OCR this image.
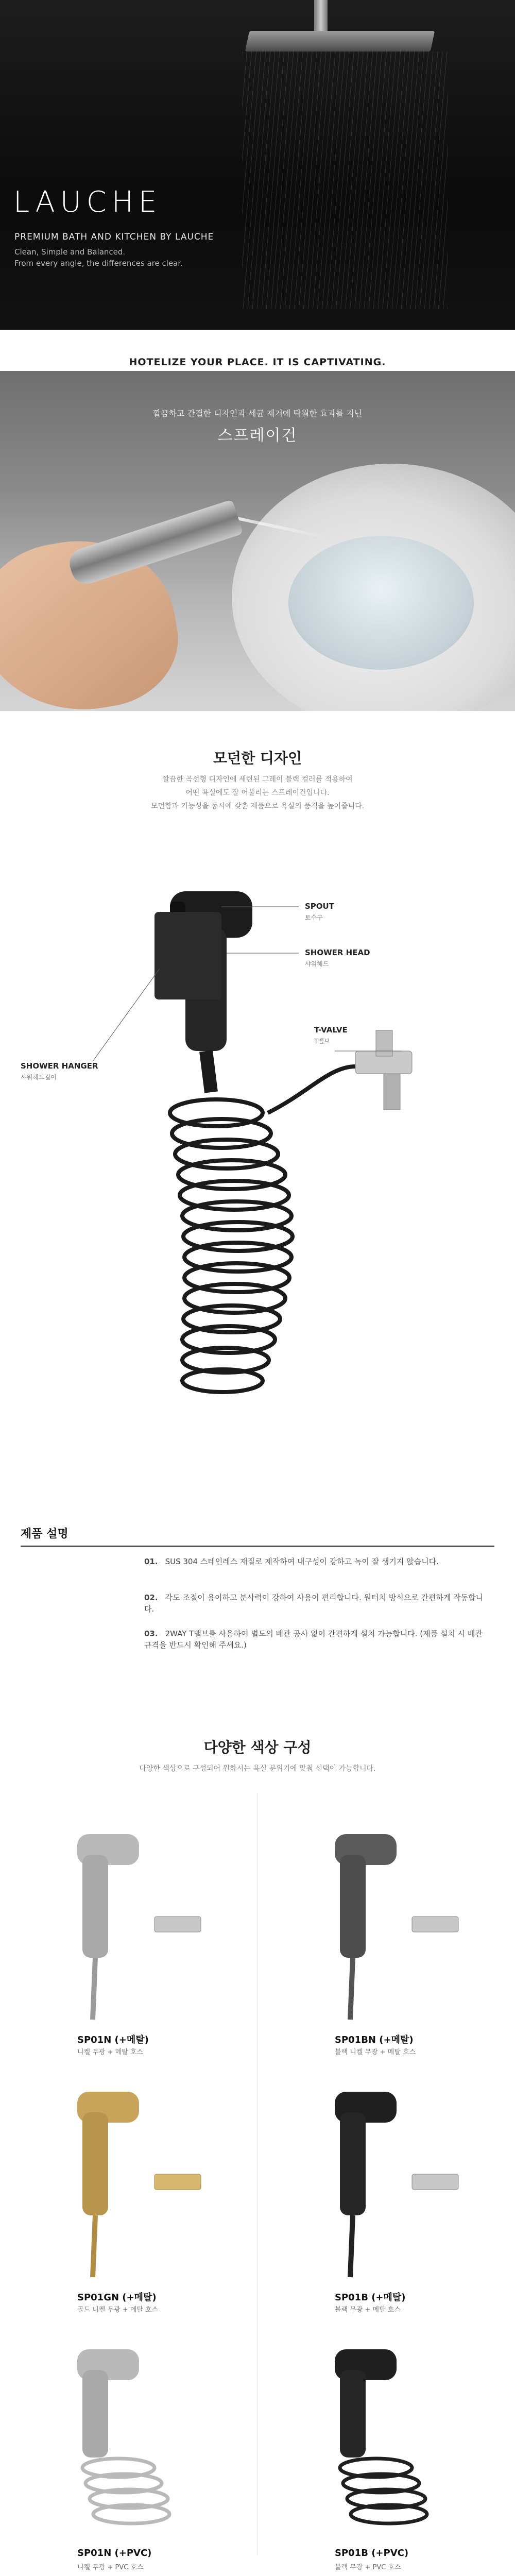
LAUCHE
PREMIUM BATH AND KITCHEN BY LAUCHE
Clean, Simple and Balanced.
From every angle, the differences are clear.
HOTELIZE YOUR PLACE. IT IS CAPTIVATING.
깔끔하고 간결한 디자인과 세균 제거에 탁월한 효과를 지닌
스프레이건
모던한 디자인
깔끔한 곡선형 디자인에 세련된 그레이 블랙 컬러를 적용하여
어떤 욕실에도 잘 어울리는 스프레이건입니다.
모던함과 기능성을 동시에 갖춘 제품으로 욕실의 품격을 높여줍니다.
SPOUT
토수구
SHOWER HEAD
샤워헤드
T-VALVE
T밸브
SHOWER HANGER
샤워헤드걸이
제품 설명
01. SUS 304 스테인레스 재질로 제작하여 내구성이 강하고 녹이 잘 생기지 않습니다.
02. 각도 조절이 용이하고 분사력이 강하여 사용이 편리합니다. 원터치 방식으로 간편하게 작동합니다.
03. 2WAY T밸브를 사용하여 별도의 배관 공사 없이 간편하게 설치 가능합니다. (제품 설치 시 배관 규격을 반드시 확인해 주세요.)
다양한 색상 구성
다양한 색상으로 구성되어 원하시는 욕실 분위기에 맞춰 선택이 가능합니다.
SP01N (+메탈)
니켈 무광 + 메탈 호스
SP01BN (+메탈)
블랙 니켈 무광 + 메탈 호스
SP01GN (+메탈)
골드 니켈 무광 + 메탈 호스
SP01B (+메탈)
블랙 무광 + 메탈 호스
SP01N (+PVC)
니켈 무광 + PVC 호스
SP01B (+PVC)
블랙 무광 + PVC 호스
